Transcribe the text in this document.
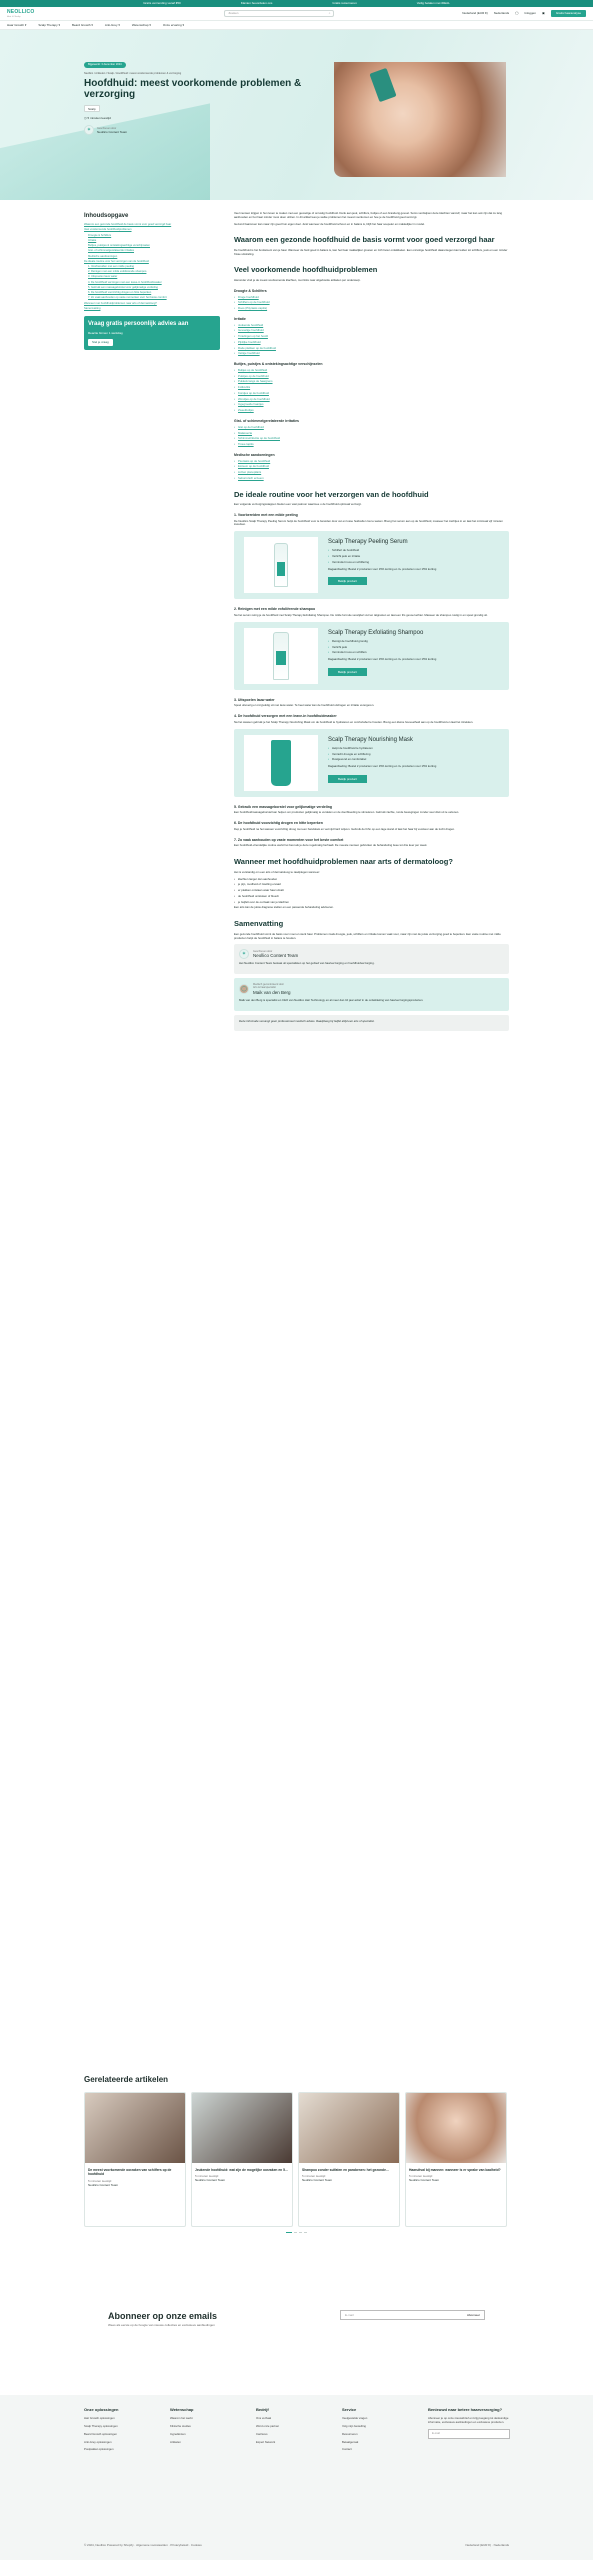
Gratis verzending vanaf €50	Klanten beoordelen ons	Gratis retourneren	Veilig betalen met iDEAL
NEOLLICO
Hair & Scalp
Zoeken	⌕	Nederland (EUR €) Nederlands ◯ Inloggen ▣	Gratis haaranalyse
Haar Growth ▾	Scalp Therapy ▾	Beard Growth ▾	Anti-Grey ▾	Wetenschap ▾	Onze ervaring ▾
Bijgewerkt: 3 december 2024
Neollico / Artikelen / Scalp / Hoofdhuid: meest voorkomende problemen & verzorging
Hoofdhuid: meest voorkomende problemen & verzorging
Scalp
◷ 5 minuten leestijd
✶	Geschreven door
Neollico Content Team
Inhoudsopgave
Waarom een gezonde hoofdhuid de basis vormt voor goed verzorgd haar
Veel voorkomende hoofdhuidproblemen
Droogte & Schilfers
Irritatie
Bultjes, puistjes & ontstekingsachtige verschijnselen
Gist- of schimmelgerelateerde irritaties
Medische aandoeningen
De ideale routine voor het verzorgen van de hoofdhuid
1. Voorbereiden met een milde peeling
2. Reinigen met een milde exfoliërende shampoo
3. Uitspoelen lauw water
4. De hoofdhuid verzorgen met een leave-in hoofdhuidmasker
5. Gebruik een massageborstel voor gelijkmatige verdeling
6. De hoofdhuid voorzichtig drogen en hitte beperken
7. Zo vaak aanhouden op vaste momenten voor het beste comfort
Wanneer met hoofdhuidproblemen naar arts of dermatoloog?
Samenvatting
Vraag gratis persoonlijk advies aan
Reactie binnen 1 werkdag
Stel je vraag

Veel mensen krijgen in hun leven te maken met een gevoelige of onrustig hoofdhuid. Denk aan jeuk, schilfers, bultjes of een branderig gevoel. Soms verdwijnen deze klachten vanzelf, maar het kan ook zijn dat ze lang aanhouden en het haar minder mooi doen uitzien. In dit artikel lees je welke problemen het meest voorkomen en hoe je de hoofdhuid goed verzorgt.

Gezond haarsnoer kan maar zijn goed hun eigen doel. Juist wanneer de hoofdhuid schoon en in balans is, blijft het haar soepeler en makkelijker in model.

Waarom een gezonde hoofdhuid de basis vormt voor goed verzorgd haar

De hoofdhuid is het fundament van je haar. Wanneer de huid goed in balans is, kan het haar makkelijker groeien en zich beter ontwikkelen. Een onrustige hoofdhuid daarentegen kan leiden tot schilfers, jeuk en een minder frisse uitstraling.

Veel voorkomende hoofdhuidproblemen

Hieronder vind je de meest voorkomende klachten, met links naar uitgebreide artikelen per onderwerp.

Droogte & Schilfers
• Droge hoofdhuid
• Schilfers op de hoofdhuid
• Roos (Pityriasis capitis)
Irritatie
• Jeukende hoofdhuid
• Gevoelige hoofdhuid
• Tintelingen op het hoofd
• Pijnlijke hoofdhuid
• Rode plekken op de hoofdhuid
• Vettige hoofdhuid
Bultjes, puistjes & ontstekingsachtige verschijnselen
• Bultjes op de hoofdhuid
• Puistjes op de hoofdhuid
• Pukkels langs de haargrens
• Folliculitis
• Korstjes op de hoofdhuid
• Wondjes op de hoofdhuid
• Ingegroeide haartjes
• Zweetbultjes
Gist- of schimmelgerelateerde irritaties
• Gist op de hoofdhuid
• Malassezia
• Schimmelinfectie op de hoofdhuid
• Tinea capitis
Medische aandoeningen
• Psoriasis op de hoofdhuid
• Eczeem op de hoofdhuid
• Lichen planopilaris
• Seborroïsch eczeem
De ideale routine voor het verzorgen van de hoofdhuid

Een volgende verzorgingsstappen bieden een vast patroon waarmee u de hoofdhuid optimaal verzorgt.

1. Voorbereiden met een milde peeling

De Neollico Scalp Therapy Peeling Serum helpt de hoofdhuid voor te bereiden door vet en losse huidcellen los te weken. Breng het serum aan op de hoofdhuid, masseer het zachtjes in en laat het minimaal vijf minuten inwerken.

Scalp Therapy Peeling Serum
• Schilfert de hoofdhuid
• Verlicht jeuk en irritatie
• Vermindert roos en schilfering

Dagaanbieding: Bestel 2 producten voor 15% korting en 3+ producten voor 15% korting

Bekijk product
2. Reinigen met een milde exfoliërende shampoo

Na het serum reinig je de hoofdhuid met Scalp Therapy Exfoliating Shampoo. De milde formule verwijdert vuil en talgresten en laat een fris gevoel achter. Masseer de shampoo rustig in en spoel grondig uit.

Scalp Therapy Exfoliating Shampoo
• Reinigt de hoofdhuid grondig
• Verlicht jeuk
• Vermindert roos en schilfers

Dagaanbieding: Bestel 2 producten voor 15% korting en 3+ producten voor 15% korting

Bekijk product
3. Uitspoelen lauw water

Spoel uitvoerig en zorgvuldig uit met lauw water. Te heet water kan de hoofdhuid uitdrogen en irritatie verergeren.

4. De hoofdhuid verzorgen met een leave-in hoofdhuidmasker

Na het wassen gebruik je het Scalp Therapy Nourishing Mask om de hoofdhuid te hydrateren en comfortabel te houden. Breng een kleine hoeveelheid aan op de hoofdhuid en laat het intrekken.

Scalp Therapy Nourishing Mask
• Helpt de hoofdhuid te hydrateren
• Verzacht droogte en schilfering
• Rustgevend en comfortabel

Dagaanbieding: Bestel 2 producten voor 15% korting en 3+ producten voor 15% korting

Bekijk product
5. Gebruik een massageborstel voor gelijkmatige verdeling

Een hoofdhuidmassageborstel kan helpen om producten gelijkmatig te verdelen en de doorbloeding te stimuleren. Gebruik zachte, ronde bewegingen zonder veel druk uit te oefenen.

6. De hoofdhuid voorzichtig drogen en hitte beperken

Dep je hoofdhuid na het wassen voorzichtig droog met een handdoek en vermijd hard wrijven. Gebruik de föhn op een lage stand of laat het haar bij voorkeur aan de lucht drogen.

7. Zo vaak aanhouden op vaste momenten voor het beste comfort

Een hoofdhuid-vriendelijke routine werkt het best als je deze regelmatig herhaalt. De meeste mensen gebruiken de behandeling twee tot drie keer per week.

Wanneer met hoofdhuidproblemen naar arts of dermatoloog?

Het is verstandig om een arts of dermatoloog te raadplegen wanneer:

• klachten langer dan aanhouden
• je pijn, roodheid of zwelling ervaart
• er plekken ontstaan waar haar uitvalt
• de hoofdhuid ontstoken of bloedt
• je twijfelt over de oorzaak van je klachten

Een arts kan de juiste diagnose stellen en een passende behandeling adviseren.

Samenvatting

Een gezonde hoofdhuid vormt de basis voor mooi en sterk haar. Problemen zoals droogte, jeuk, schilfers en irritatie komen vaak voor, maar zijn met de juiste verzorging goed te beperken. Een vaste routine met milde producten helpt de hoofdhuid in balans te houden.

✶	Geschreven door
Neollico Content Team

Het Neollico Content Team bestaat uit specialisten op het gebied van haarverzorging en hoofdhuidverzorging.

◯
Medisch gecontroleerd door
Arts & haarspecialist
Maik van den Berg

Maik van den Berg is specialist en CEO van Neollico Hair Technology en al meer dan 10 jaar actief in de ontwikkeling van haarverzorgingsproducten.

Deze informatie vervangt geen professioneel medisch advies. Raadpleeg bij twijfel altijd een arts of specialist.

Gerelateerde artikelen
De meest voorkomende oorzaken van schilfers op de hoofdhuid
5 minuten leestijd
Neollico Content Team
Jeukende hoofdhuid: wat zijn de mogelijke oorzaken en 5…
5 minuten leestijd
Neollico Content Team
Shampoo zonder sulfaten en parabenen: het gezonde…
5 minuten leestijd
Neollico Content Team
Haaruitval bij mannen: wanneer is er sprake van kaalheid?
5 minuten leestijd
Neollico Content Team
Abonneer op onze emails

Wees als eerste op de hoogte van nieuwe collecties en exclusieve aanbiedingen

E-mail	Abonneer
Onze oplossingen
Hair Growth oplossingen
Scalp Therapy oplossingen
Beard Growth oplossingen
Anti-Grey oplossingen
Postpakket oplossingen
Wetenschap
Waarom het werkt
Klinische studies
Ingrediënten
Artikelen
Bedrijf
Ons verhaal
Word onze partner
Carrières
Expert Network
Service
Veelgestelde vragen
Volg mijn bestelling
Retourneren
Betaalgemak
Contact
Benieuwd naar betere haarverzorging?
Abonneer je op onze nieuwsbrief en krijg toegang tot deskundige informatie, exclusieve aanbiedingen en exclusieve producten.
E-mail
© 2024, Neollico Powered by Shopify · Algemene voorwaarden · Privacybeleid · Cookies	Nederland (EUR €) · Nederlands
